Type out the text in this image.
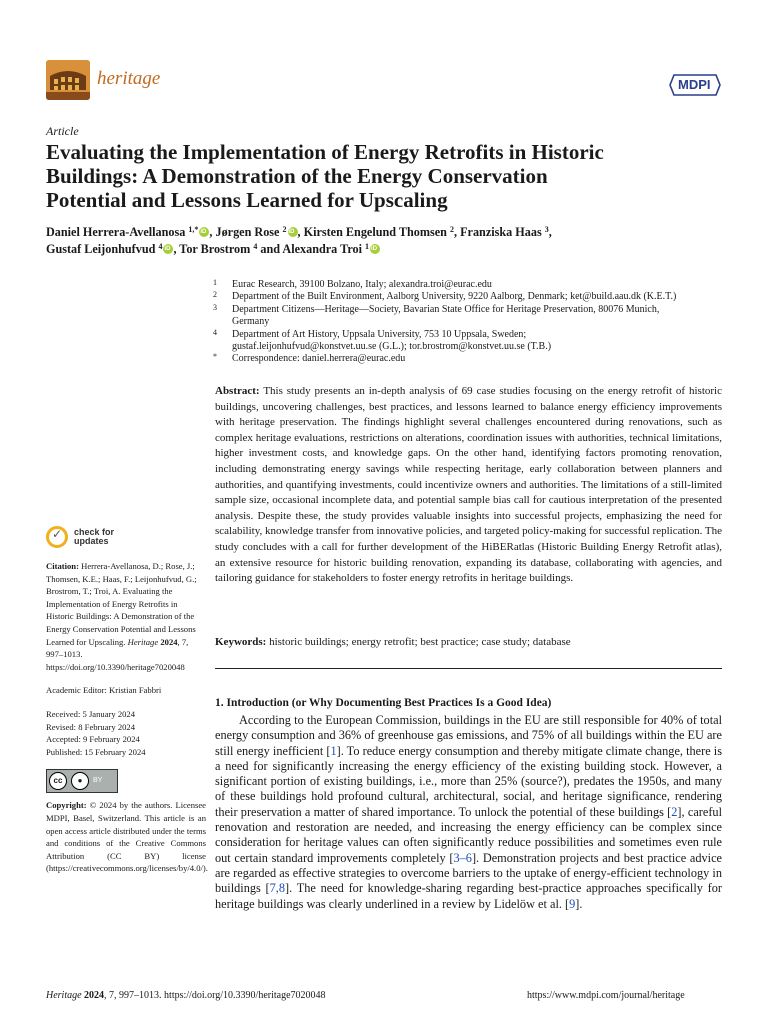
heritage	MDPI
Article
Evaluating the Implementation of Energy Retrofits in Historic
Buildings: A Demonstration of the Energy Conservation
Potential and Lessons Learned for Upscaling
Daniel Herrera-Avellanosa $^{1,*}$ iD , Jørgen Rose $^2$ iD , Kirsten Engelund Thomsen $^2$, Franziska Haas $^3$,
Gustaf Leijonhufvud $^4$ iD , Tor Brostrom $^4$ and Alexandra Troi $^1$iD
1 Eurac Research, 39100 Bolzano, Italy; alexandra.troi@eurac.edu
2 Department of the Built Environment, Aalborg University, 9220 Aalborg, Denmark; ket@build.aau.dk (K.E.T.)
3 Department Citizens—Heritage—Society, Bavarian State Office for Heritage Preservation, 80076 Munich, Germany
4 Department of Art History, Uppsala University, 753 10 Uppsala, Sweden; gustaf.leijonhufvud@konstvet.uu.se (G.L.); tor.brostrom@konstvet.uu.se (T.B.)
* Correspondence: daniel.herrera@eurac.edu
Abstract: This study presents an in-depth analysis of 69 case studies focusing on the energy retrofit of historic buildings, uncovering challenges, best practices, and lessons learned to balance energy efficiency improvements with heritage preservation. The findings highlight several challenges encountered during renovations, such as complex heritage evaluations, restrictions on alterations, coordination issues with authorities, technical limitations, higher investment costs, and knowledge gaps. On the other hand, identifying factors promoting renovation, including demonstrating energy savings while respecting heritage, early collaboration between planners and authorities, and quantifying investments, could incentivize owners and authorities. The limitations of a still-limited sample size, occasional incomplete data, and potential sample bias call for cautious interpretation of the presented analysis. Despite these, the study provides valuable insights into successful projects, emphasizing the need for scalability, knowledge transfer from innovative policies, and targeted policy-making for successful replication. The study concludes with a call for further development of the HiBERatlas (Historic Building Energy Retrofit atlas), an extensive resource for historic building renovation, expanding its database, collaborating with agencies, and tailoring guidance for stakeholders to foster energy retrofits in heritage buildings.
Keywords: historic buildings; energy retrofit; best practice; case study; database
✓
check for
updates
Citation: Herrera-Avellanosa, D.; Rose, J.; Thomsen, K.E.; Haas, F.; Leijonhufvud, G.; Brostrom, T.; Troi, A. Evaluating the Implementation of Energy Retrofits in Historic Buildings: A Demonstration of the Energy Conservation Potential and Lessons Learned for Upscaling. Heritage 2024, 7, 997–1013. https://doi.org/10.3390/heritage7020048
Academic Editor: Kristian Fabbri
Received: 5 January 2024
Revised: 8 February 2024
Accepted: 9 February 2024
Published: 15 February 2024
cc	●	BY
Copyright: © 2024 by the authors. Licensee MDPI, Basel, Switzerland. This article is an open access article distributed under the terms and conditions of the Creative Commons Attribution (CC BY) license (https://creativecommons.org/licenses/by/4.0/).
1. Introduction (or Why Documenting Best Practices Is a Good Idea)
According to the European Commission, buildings in the EU are still responsible for 40% of total energy consumption and 36% of greenhouse gas emissions, and 75% of all buildings within the EU are still energy inefficient [1]. To reduce energy consumption and thereby mitigate climate change, there is a need for significantly increasing the energy efficiency of the existing building stock. However, a significant portion of existing buildings, i.e., more than 25% (source?), predates the 1950s, and many of these buildings hold profound cultural, architectural, social, and heritage significance, rendering their preservation a matter of shared importance. To unlock the potential of these buildings [2], careful renovation and restoration are needed, and increasing the energy efficiency can be complex since consideration for heritage values can often significantly reduce possibilities and sometimes even rule out certain standard improvements completely [3–6]. Demonstration projects and best practice advice are regarded as effective strategies to overcome barriers to the uptake of energy-efficient technology in buildings [7,8]. The need for knowledge-sharing regarding best-practice approaches specifically for heritage buildings was clearly underlined in a review by Lidelöw et al. [9].
Heritage 2024, 7, 997–1013. https://doi.org/10.3390/heritage7020048	https://www.mdpi.com/journal/heritage
